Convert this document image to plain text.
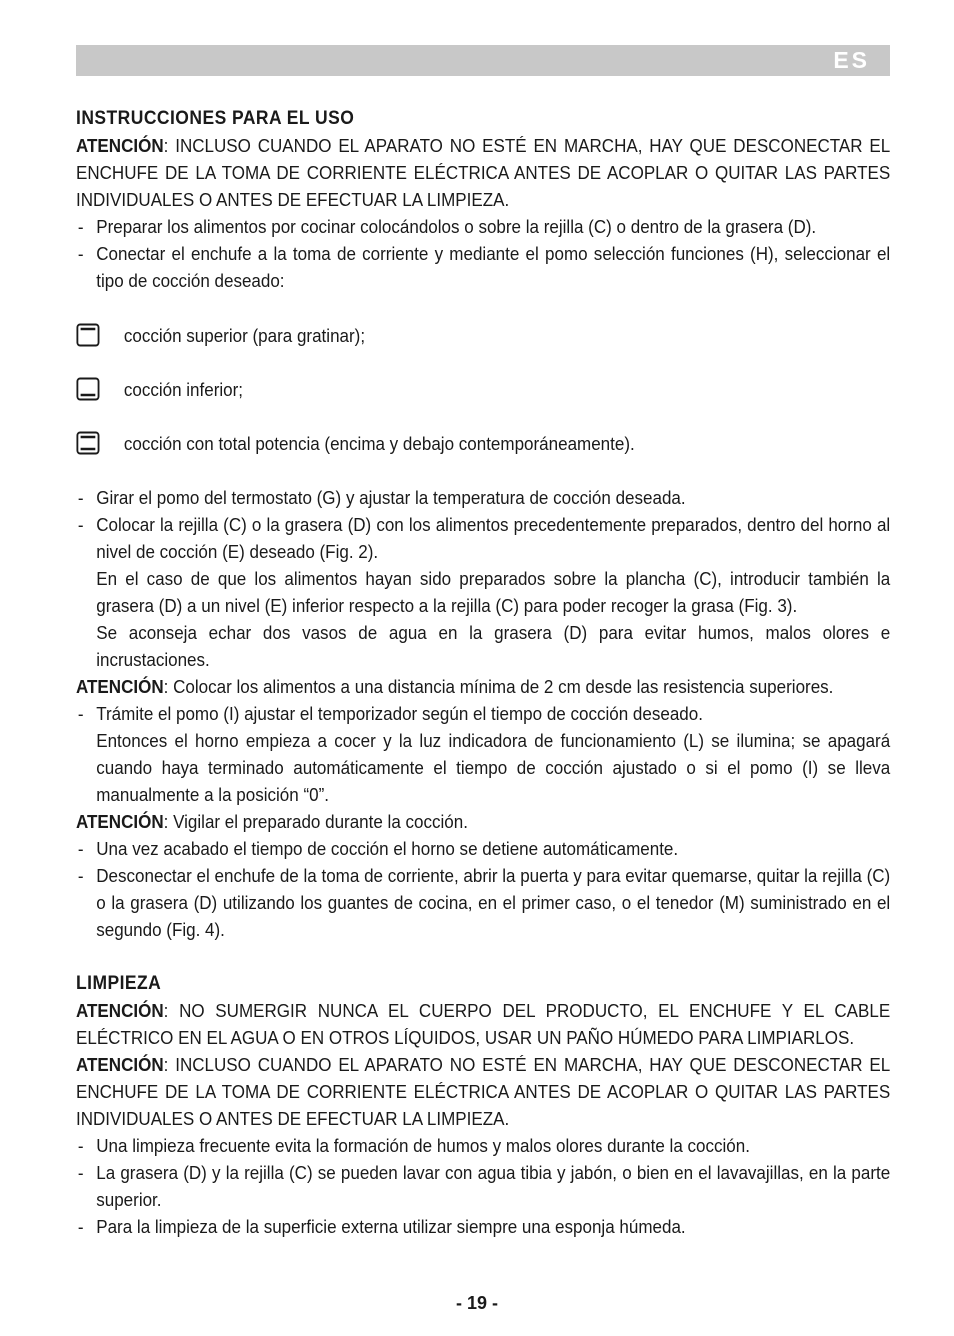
ES
INSTRUCCIONES PARA EL USO

ATENCIÓN: INCLUSO CUANDO EL APARATO NO ESTÉ EN MARCHA, HAY QUE DESCONECTAR EL ENCHUFE DE LA TOMA DE CORRIENTE ELÉCTRICA ANTES DE ACOPLAR O QUITAR LAS PARTES INDIVIDUALES O ANTES DE EFECTUAR LA LIMPIEZA.

- Preparar los alimentos por cocinar colocándolos o sobre la rejilla (C) o dentro de la grasera (D).

- Conectar el enchufe a la toma de corriente y mediante el pomo selección funciones (H), seleccionar el tipo de cocción deseado:

cocción superior (para gratinar);
cocción inferior;
cocción con total potencia (encima y debajo contemporáneamente).

- Girar el pomo del termostato (G) y ajustar la temperatura de cocción deseada.

- Colocar la rejilla (C) o la grasera (D) con los alimentos precedentemente preparados, dentro del horno al nivel de cocción (E) deseado (Fig. 2).

En el caso de que los alimentos hayan sido preparados sobre la plancha (C), introducir también la grasera (D) a un nivel (E) inferior respecto a la rejilla (C) para poder recoger la grasa (Fig. 3).

Se aconseja echar dos vasos de agua en la grasera (D) para evitar humos, malos olores e incrustaciones.

ATENCIÓN: Colocar los alimentos a una distancia mínima de 2 cm desde las resistencia superiores.

- Trámite el pomo (I) ajustar el temporizador según el tiempo de cocción deseado.

Entonces el horno empieza a cocer y la luz indicadora de funcionamiento (L) se ilumina; se apagará cuando haya terminado automáticamente el tiempo de cocción ajustado o si el pomo (I) se lleva manualmente a la posición “0”.

ATENCIÓN: Vigilar el preparado durante la cocción.

- Una vez acabado el tiempo de cocción el horno se detiene automáticamente.

- Desconectar el enchufe de la toma de corriente, abrir la puerta y para evitar quemarse, quitar la rejilla (C) o la grasera (D) utilizando los guantes de cocina, en el primer caso, o el tenedor (M) suministrado en el segundo (Fig. 4).

LIMPIEZA

ATENCIÓN: NO SUMERGIR NUNCA EL CUERPO DEL PRODUCTO, EL ENCHUFE Y EL CABLE ELÉCTRICO EN EL AGUA O EN OTROS LÍQUIDOS, USAR UN PAÑO HÚMEDO PARA LIMPIARLOS.

ATENCIÓN: INCLUSO CUANDO EL APARATO NO ESTÉ EN MARCHA, HAY QUE DESCONECTAR EL ENCHUFE DE LA TOMA DE CORRIENTE ELÉCTRICA ANTES DE ACOPLAR O QUITAR LAS PARTES INDIVIDUALES O ANTES DE EFECTUAR LA LIMPIEZA.

- Una limpieza frecuente evita la formación de humos y malos olores durante la cocción.

- La grasera (D) y la rejilla (C) se pueden lavar con agua tibia y jabón, o bien en el lavavajillas, en la parte superior.

- Para la limpieza de la superficie externa utilizar siempre una esponja húmeda.

- 19 -
